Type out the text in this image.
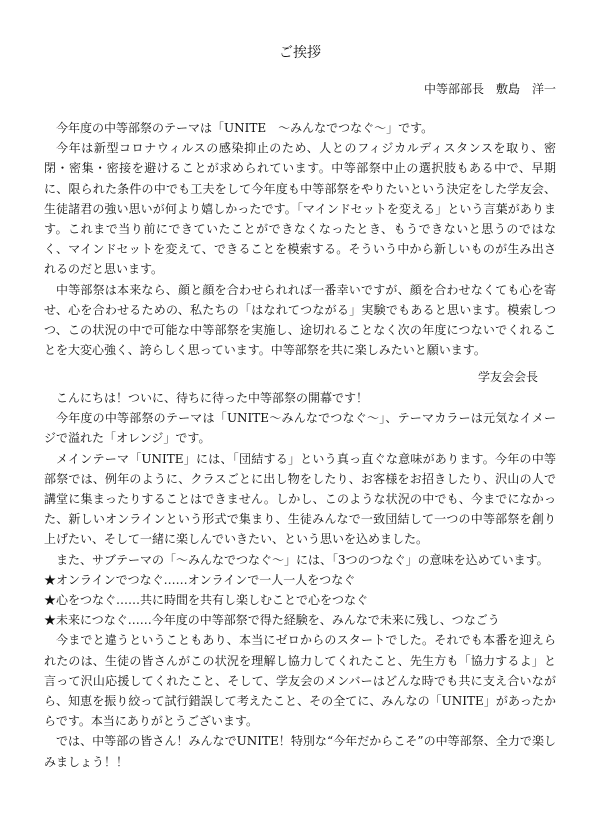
ご挨拶
中等部部長　敷島　洋一

今年度の中等部祭のテーマは「UNITE　～みんなでつなぐ～」です。

今年は新型コロナウィルスの感染抑止のため、人とのフィジカルディスタンスを取り、密閉・密集・密接を避けることが求められています。中等部祭中止の選択肢もある中で、早期に、限られた条件の中でも工夫をして今年度も中等部祭をやりたいという決定をした学友会、生徒諸君の強い思いが何より嬉しかったです。「マインドセットを変える」という言葉があります。これまで当り前にできていたことができなくなったとき、もうできないと思うのではなく、マインドセットを変えて、できることを模索する。そういう中から新しいものが生み出されるのだと思います。

中等部祭は本来なら、顔と顔を合わせられれば一番幸いですが、顔を合わせなくても心を寄せ、心を合わせるための、私たちの「はなれてつながる」実験でもあると思います。模索しつつ、この状況の中で可能な中等部祭を実施し、途切れることなく次の年度につないでくれることを大変心強く、誇らしく思っています。中等部祭を共に楽しみたいと願います。

学友会会長

こんにちは！ついに、待ちに待った中等部祭の開幕です！

今年度の中等部祭のテーマは「UNITE～みんなでつなぐ～」、テーマカラーは元気なイメージで溢れた「オレンジ」です。

メインテーマ「UNITE」には、「団結する」という真っ直ぐな意味があります。今年の中等部祭では、例年のように、クラスごとに出し物をしたり、お客様をお招きしたり、沢山の人で講堂に集まったりすることはできません。しかし、このような状況の中でも、今までになかった、新しいオンラインという形式で集まり、生徒みんなで一致団結して一つの中等部祭を創り上げたい、そして一緒に楽しんでいきたい、という思いを込めました。

また、サブテーマの「～みんなでつなぐ～」には、「3つのつなぐ」の意味を込めています。

★オンラインでつなぐ……オンラインで一人一人をつなぐ

★心をつなぐ……共に時間を共有し楽しむことで心をつなぐ

★未来につなぐ……今年度の中等部祭で得た経験を、みんなで未来に残し、つなごう

今までと違うということもあり、本当にゼロからのスタートでした。それでも本番を迎えられたのは、生徒の皆さんがこの状況を理解し協力してくれたこと、先生方も「協力するよ」と言って沢山応援してくれたこと、そして、学友会のメンバーはどんな時でも共に支え合いながら、知恵を振り絞って試行錯誤して考えたこと、その全てに、みんなの「UNITE」があったからです。本当にありがとうございます。

では、中等部の皆さん！みんなでUNITE！特別な“今年だからこそ”の中等部祭、全力で楽しみましょう！！
